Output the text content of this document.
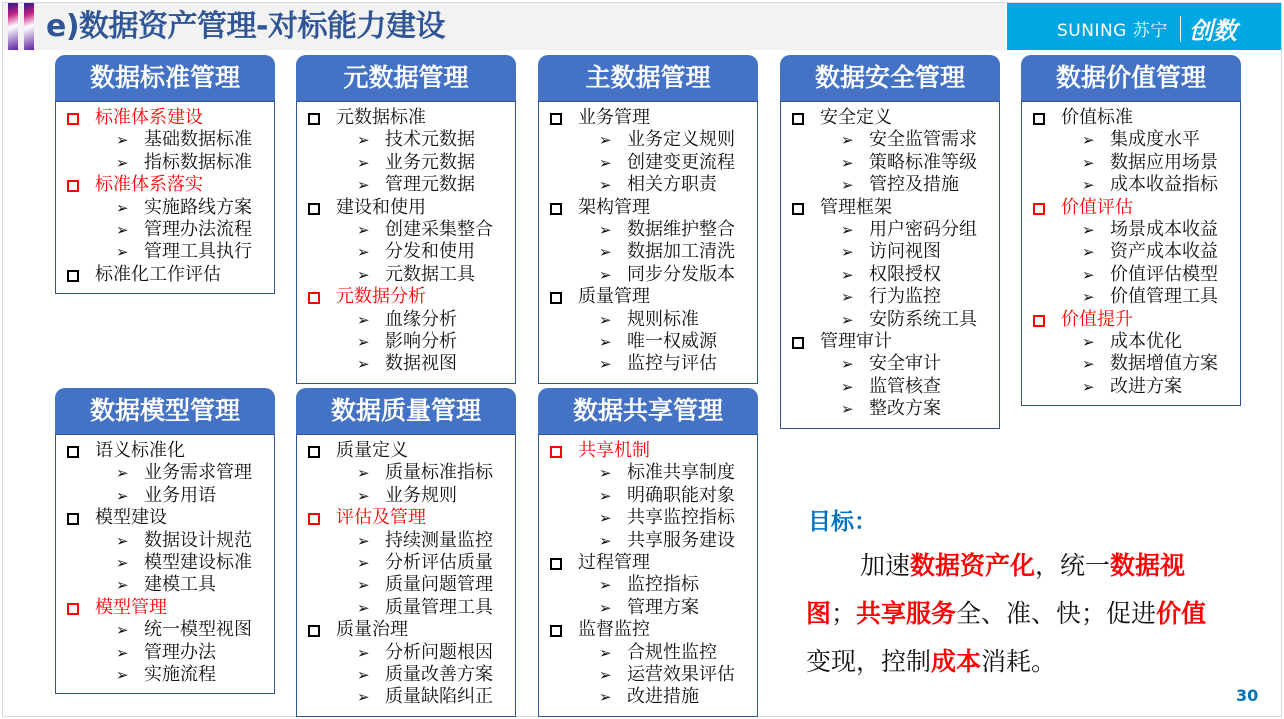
e)数据资产管理-对标能力建设	SUNING 苏宁 创数
数据标准管理
标准体系建设
➢ 基础数据标准
➢ 指标数据标准
标准体系落实
➢ 实施路线方案
➢ 管理办法流程
➢ 管理工具执行
标准化工作评估
元数据管理
元数据标准
➢ 技术元数据
➢ 业务元数据
➢ 管理元数据
建设和使用
➢ 创建采集整合
➢ 分发和使用
➢ 元数据工具
元数据分析
➢ 血缘分析
➢ 影响分析
➢ 数据视图
主数据管理
业务管理
➢ 业务定义规则
➢ 创建变更流程
➢ 相关方职责
架构管理
➢ 数据维护整合
➢ 数据加工清洗
➢ 同步分发版本
质量管理
➢ 规则标准
➢ 唯一权威源
➢ 监控与评估
数据安全管理
安全定义
➢ 安全监管需求
➢ 策略标准等级
➢ 管控及措施
管理框架
➢ 用户密码分组
➢ 访问视图
➢ 权限授权
➢ 行为监控
➢ 安防系统工具
管理审计
➢ 安全审计
➢ 监管核查
➢ 整改方案
数据价值管理
价值标准
➢ 集成度水平
➢ 数据应用场景
➢ 成本收益指标
价值评估
➢ 场景成本收益
➢ 资产成本收益
➢ 价值评估模型
➢ 价值管理工具
价值提升
➢ 成本优化
➢ 数据增值方案
➢ 改进方案
数据模型管理
语义标准化
➢ 业务需求管理
➢ 业务用语
模型建设
➢ 数据设计规范
➢ 模型建设标准
➢ 建模工具
模型管理
➢ 统一模型视图
➢ 管理办法
➢ 实施流程
数据质量管理
质量定义
➢ 质量标准指标
➢ 业务规则
评估及管理
➢ 持续测量监控
➢ 分析评估质量
➢ 质量问题管理
➢ 质量管理工具
质量治理
➢ 分析问题根因
➢ 质量改善方案
➢ 质量缺陷纠正
数据共享管理
共享机制
➢ 标准共享制度
➢ 明确职能对象
➢ 共享监控指标
➢ 共享服务建设
过程管理
➢ 监控指标
➢ 管理方案
监督监控
➢ 合规性监控
➢ 运营效果评估
➢ 改进措施
目标：
加速数据资产化，统一数据视图；共享服务全、准、快；促进价值变现，控制成本消耗。
30
